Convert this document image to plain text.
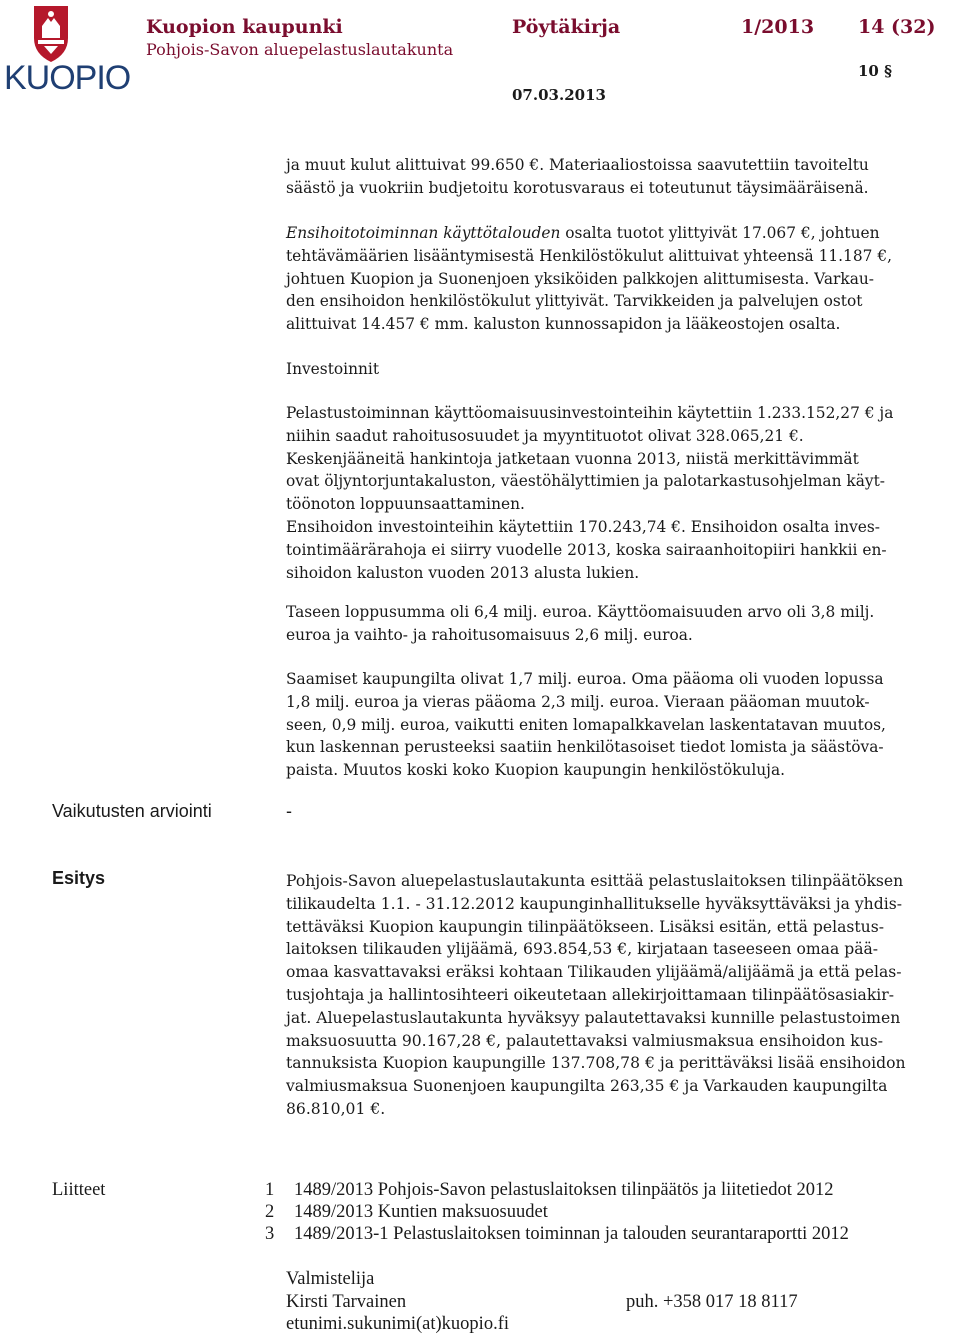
KUOPIO
Kuopion kaupunki
Pohjois-Savon aluepelastuslautakunta
Pöytäkirja	1/2013 14 (32)
10 §
07.03.2013
ja muut kulut alittuivat 99.650 €. Materiaaliostoissa saavutettiin tavoiteltu
säästö ja vuokriin budjetoitu korotusvaraus ei toteutunut täysimääräisenä.
Ensihoitotoiminnan käyttötalouden osalta tuotot ylittyivät 17.067 €, johtuen
tehtävämäärien lisääntymisestä Henkilöstökulut alittuivat yhteensä 11.187 €,
johtuen Kuopion ja Suonenjoen yksiköiden palkkojen alittumisesta. Varkau-
den ensihoidon henkilöstökulut ylittyivät. Tarvikkeiden ja palvelujen ostot
alittuivat 14.457 € mm. kaluston kunnossapidon ja lääkeostojen osalta.
Investoinnit
Pelastustoiminnan käyttöomaisuusinvestointeihin käytettiin 1.233.152,27 € ja
niihin saadut rahoitusosuudet ja myyntituotot olivat 328.065,21 €.
Keskenjääneitä hankintoja jatketaan vuonna 2013, niistä merkittävimmät
ovat öljyntorjuntakaluston, väestöhälyttimien ja palotarkastusohjelman käyt-
töönoton loppuunsaattaminen.
Ensihoidon investointeihin käytettiin 170.243,74 €. Ensihoidon osalta inves-
tointimäärärahoja ei siirry vuodelle 2013, koska sairaanhoitopiiri hankkii en-
sihoidon kaluston vuoden 2013 alusta lukien.
Taseen loppusumma oli 6,4 milj. euroa. Käyttöomaisuuden arvo oli 3,8 milj.
euroa ja vaihto- ja rahoitusomaisuus 2,6 milj. euroa.
Saamiset kaupungilta olivat 1,7 milj. euroa. Oma pääoma oli vuoden lopussa
1,8 milj. euroa ja vieras pääoma 2,3 milj. euroa. Vieraan pääoman muutok-
seen, 0,9 milj. euroa, vaikutti eniten lomapalkkavelan laskentatavan muutos,
kun laskennan perusteeksi saatiin henkilötasoiset tiedot lomista ja säästöva-
paista. Muutos koski koko Kuopion kaupungin henkilöstökuluja.
Vaikutusten arviointi	-
Esitys	Pohjois-Savon aluepelastuslautakunta esittää pelastuslaitoksen tilinpäätöksen
tilikaudelta 1.1. - 31.12.2012 kaupunginhallitukselle hyväksyttäväksi ja yhdis-
tettäväksi Kuopion kaupungin tilinpäätökseen. Lisäksi esitän, että pelastus-
laitoksen tilikauden ylijäämä, 693.854,53 €, kirjataan taseeseen omaa pää-
omaa kasvattavaksi eräksi kohtaan Tilikauden ylijäämä/alijäämä ja että pelas-
tusjohtaja ja hallintosihteeri oikeutetaan allekirjoittamaan tilinpäätösasiakir-
jat. Aluepelastuslautakunta hyväksyy palautettavaksi kunnille pelastustoimen
maksuosuutta 90.167,28 €, palautettavaksi valmiusmaksua ensihoidon kus-
tannuksista Kuopion kaupungille 137.708,78 € ja perittäväksi lisää ensihoidon
valmiusmaksua Suonenjoen kaupungilta 263,35 € ja Varkauden kaupungilta
86.810,01 €.
Liitteet	1 1489/2013 Pohjois-Savon pelastuslaitoksen tilinpäätös ja liitetiedot 2012
2 1489/2013 Kuntien maksuosuudet
3 1489/2013-1 Pelastuslaitoksen toiminnan ja talouden seurantaraportti 2012
Valmistelija
Kirsti Tarvainen	puh. +358 017 18 8117
etunimi.sukunimi(at)kuopio.fi
